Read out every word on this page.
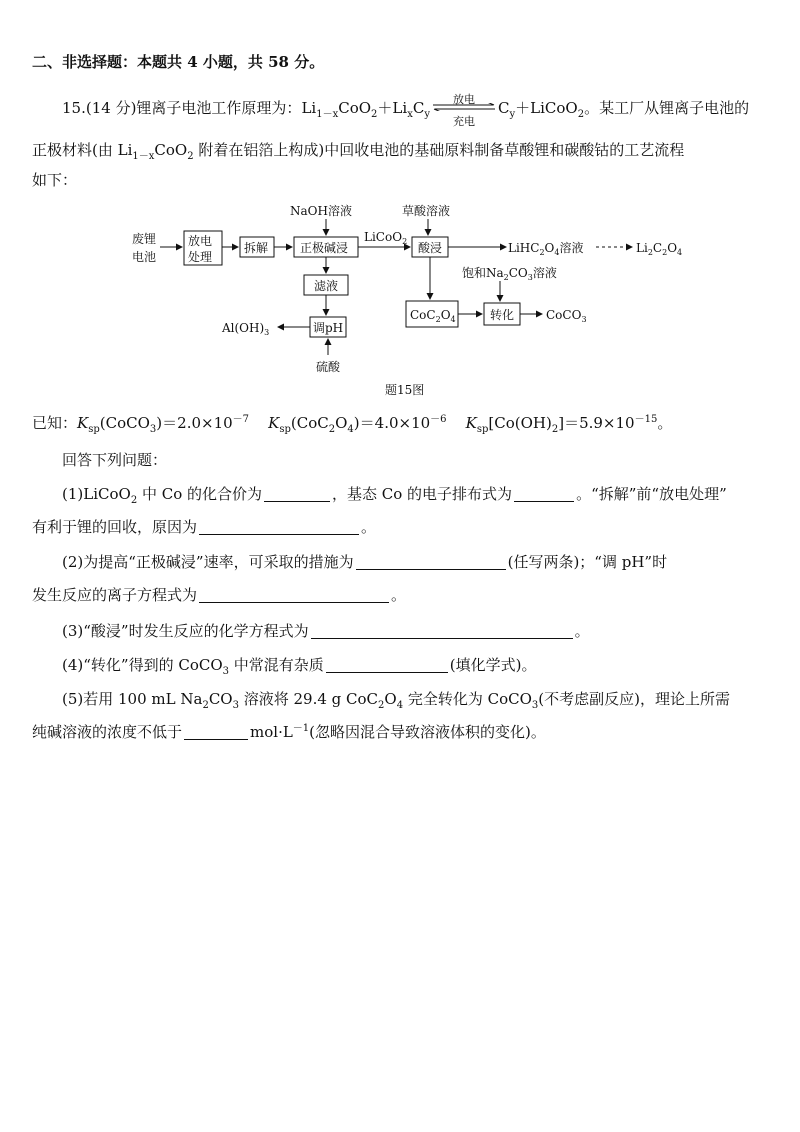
二、非选择题：本题共 4 小题，共 58 分。
15.(14 分)锂离子电池工作原理为：$Li_{1-x}CoO_2+Li_xC_y$
放电
充电
$C_y+LiCoO_2$。某工厂从锂离子电池的
正极材料(由 $Li_{1-x}CoO_2$ 附着在铝箔上构成)中回收电池的基础原料制备草酸锂和碳酸钴的工艺流程
如下：
废锂
电池
放电
处理
拆解
NaOH溶液
正极碱浸
LiCoO$_2$
滤液
调pH
$Al(OH)_3$
硫酸
草酸溶液
酸浸	$LiHC_2O_4$溶液	$Li_2C_2O_4$
$CoC_2O_4$
饱和$Na_2CO_3$溶液
转化	CoCO$_3$
题15图
已知：$K_{sp}(CoCO_3)=2.0\times 10^{-7}$ $K_{sp}(CoC_2O_4)=4.0\times 10^{-6}$ $K_{sp}[Co(OH)_2]=5.9\times 10^{-15}$。
回答下列问题：
(1)LiCoO$_2$ 中 Co 的化合价为	，基态 Co 的电子排布式为	。“拆解”前“放电处理”
有利于锂的回收，原因为	。
(2)为提高“正极碱浸”速率，可采取的措施为	(任写两条)；“调 pH”时
发生反应的离子方程式为	。
(3)“酸浸”时发生反应的化学方程式为	。
(4)“转化”得到的 CoCO$_3$ 中常混有杂质	(填化学式)。
(5)若用 100 mL $Na_2CO_3$ 溶液将 29.4 g $CoC_2O_4$ 完全转化为 CoCO$_3$(不考虑副反应)，理论上所需
纯碱溶液的浓度不低于	$mol\cdot L^{-1}$(忽略因混合导致溶液体积的变化)。
